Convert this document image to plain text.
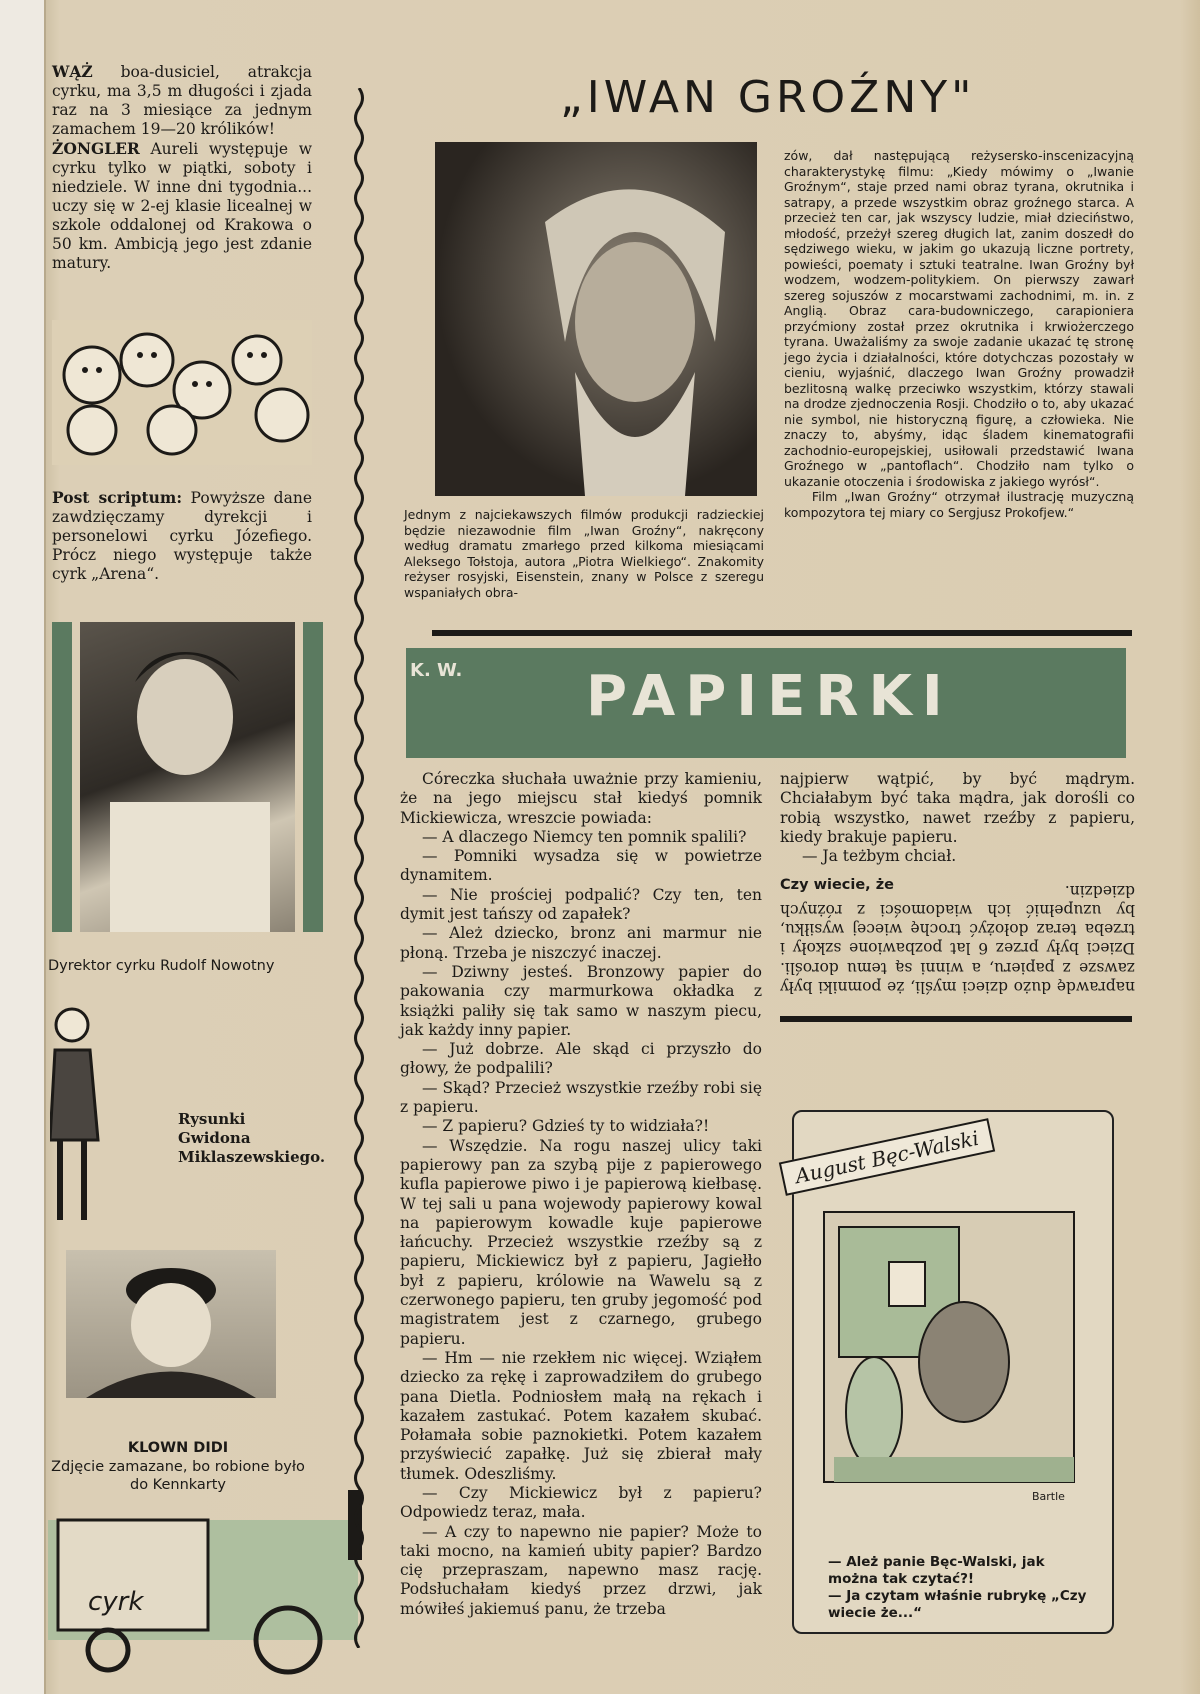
WĄŻ boa-dusiciel, atrakcja cyrku, ma 3,5 m długości i zjada raz na 3 miesiące za jednym zamachem 19—20 królików!
ŻONGLER Aureli występuje w cyrku tylko w piątki, soboty i niedziele. W inne dni tygodnia... uczy się w 2-ej klasie licealnej w szkole oddalonej od Krakowa o 50 km. Ambicją jego jest zdanie matury.
Post scriptum: Powyższe dane zawdzięczamy dyrekcji i personelowi cyrku Józefiego. Prócz niego występuje także cyrk „Arena“.
Dyrektor cyrku Rudolf Nowotny
Rysunki Gwidona Miklaszewskiego.
KLOWN DIDI
Zdjęcie zamazane, bo robione było do Kennkarty
cyrk
„IWAN GROŹNY"
Jednym z najciekawszych filmów produkcji radzieckiej będzie niezawodnie film „Iwan Groźny“, nakręcony według dramatu zmarłego przed kilkoma miesiącami Aleksego Tołstoja, autora „Piotra Wielkiego“. Znakomity reżyser rosyjski, Eisenstein, znany w Polsce z szeregu wspaniałych obra-
zów, dał następującą reżysersko-inscenizacyjną charakterystykę filmu: „Kiedy mówimy o „Iwanie Groźnym“, staje przed nami obraz tyrana, okrutnika i satrapy, a przede wszystkim obraz groźnego starca. A przecież ten car, jak wszyscy ludzie, miał dzieciństwo, młodość, przeżył szereg długich lat, zanim doszedł do sędziwego wieku, w jakim go ukazują liczne portrety, powieści, poematy i sztuki teatralne. Iwan Groźny był wodzem, wodzem-politykiem. On pierwszy zawarł szereg sojuszów z mocarstwami zachodnimi, m. in. z Anglią. Obraz cara-budowniczego, carapioniera przyćmiony został przez okrutnika i krwiożerczego tyrana. Uważaliśmy za swoje zadanie ukazać tę stronę jego życia i działalności, które dotychczas pozostały w cieniu, wyjaśnić, dlaczego Iwan Groźny prowadził bezlitosną walkę przeciwko wszystkim, którzy stawali na drodze zjednoczenia Rosji. Chodziło o to, aby ukazać nie symbol, nie historyczną figurę, a człowieka. Nie znaczy to, abyśmy, idąc śladem kinematografii zachodnio-europejskiej, usiłowali przedstawić Iwana Groźnego w „pantoflach“. Chodziło nam tylko o ukazanie otoczenia i środowiska z jakiego wyrósł“.
Film „Iwan Groźny“ otrzymał ilustrację muzyczną kompozytora tej miary co Sergjusz Prokofjew.“
K. W. PAPIERKI

Córeczka słuchała uważnie przy kamieniu, że na jego miejscu stał kiedyś pomnik Mickiewicza, wreszcie powiada:

— A dlaczego Niemcy ten pomnik spalili?

— Pomniki wysadza się w powietrze dynamitem.

— Nie prościej podpalić? Czy ten, ten dymit jest tańszy od zapałek?

— Ależ dziecko, bronz ani marmur nie płoną. Trzeba je niszczyć inaczej.

— Dziwny jesteś. Bronzowy papier do pakowania czy marmurkowa okładka z książki paliły się tak samo w naszym piecu, jak każdy inny papier.

— Już dobrze. Ale skąd ci przyszło do głowy, że podpalili?

— Skąd? Przecież wszystkie rzeźby robi się z papieru.

— Z papieru? Gdzieś ty to widziała?!

— Wszędzie. Na rogu naszej ulicy taki papierowy pan za szybą pije z papierowego kufla papierowe piwo i je papierową kiełbasę. W tej sali u pana wojewody papierowy kowal na papierowym kowadle kuje papierowe łańcuchy. Przecież wszystkie rzeźby są z papieru, Mickiewicz był z papieru, Jagiełło był z papieru, królowie na Wawelu są z czerwonego papieru, ten gruby jegomość pod magistratem jest z czarnego, grubego papieru.

— Hm — nie rzekłem nic więcej. Wziąłem dziecko za rękę i zaprowadziłem do grubego pana Dietla. Podniosłem małą na rękach i kazałem zastukać. Potem kazałem skubać. Połamała sobie paznokietki. Potem kazałem przyświecić zapałkę. Już się zbierał mały tłumek. Odeszliśmy.

— Czy Mickiewicz był z papieru? Odpowiedz teraz, mała.

— A czy to napewno nie papier? Może to taki mocno, na kamień ubity papier? Bardzo cię przepraszam, napewno masz rację. Podsłuchałam kiedyś przez drzwi, jak mówiłeś jakiemuś panu, że trzeba

najpierw wątpić, by być mądrym. Chciałabym być taka mądra, jak dorośli co robią wszystko, nawet rzeźby z papieru, kiedy brakuje papieru.

— Ja teżbym chciał.

Czy wiecie, że

naprawdę dużo dzieci myśli, że pomniki były zawsze z papieru, a winni są temu dorośli. Dzieci były przez 6 lat pozbawione szkoły i trzeba teraz dołożyć trochę wiecej wysiłku, by uzupełnić ich wiadomości z różnych dziedzin.
Bartle
— Ależ panie Bęc-Walski, jak można tak czytać?!
— Ja czytam właśnie rubrykę „Czy wiecie że...“
August Bęc-Walski
